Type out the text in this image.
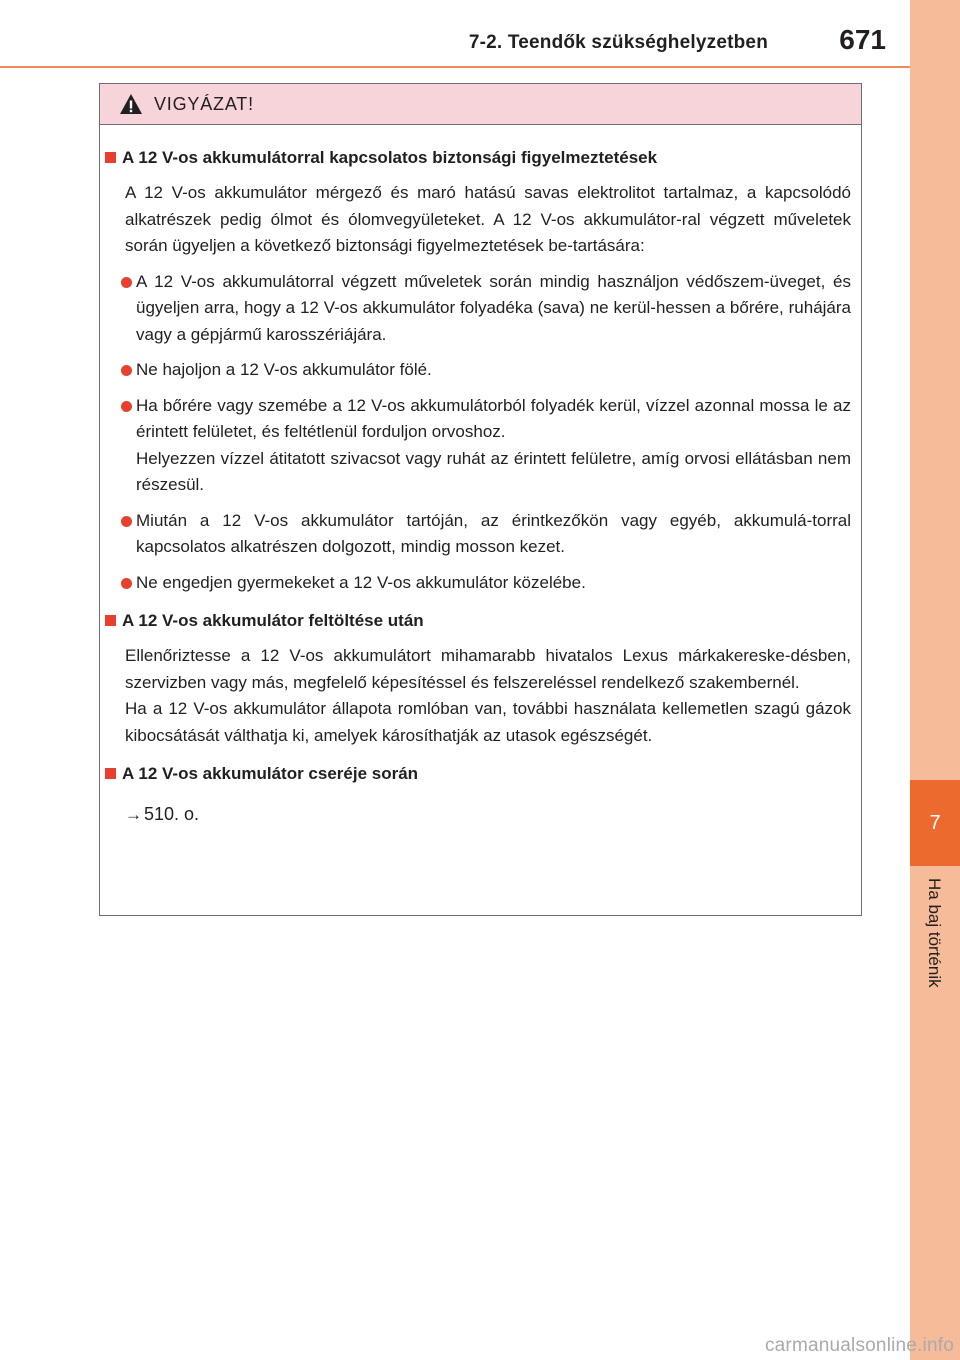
7-2. Teendők szükséghelyzetben	671
7
Ha baj történik
VIGYÁZAT!
A 12 V-os akkumulátorral kapcsolatos biztonsági figyelmeztetések

A 12 V-os akkumulátor mérgező és maró hatású savas elektrolitot tartalmaz, a kapcsolódó alkatrészek pedig ólmot és ólomvegyületeket. A 12 V-os akkumulátor-ral végzett műveletek során ügyeljen a következő biztonsági figyelmeztetések be-tartására:

A 12 V-os akkumulátorral végzett műveletek során mindig használjon védőszem-üveget, és ügyeljen arra, hogy a 12 V-os akkumulátor folyadéka (sava) ne kerül-hessen a bőrére, ruhájára vagy a gépjármű karosszériájára.
Ne hajoljon a 12 V-os akkumulátor fölé.
Ha bőrére vagy szemébe a 12 V-os akkumulátorból folyadék kerül, vízzel azonnal mossa le az érintett felületet, és feltétlenül forduljon orvoshoz.
Helyezzen vízzel átitatott szivacsot vagy ruhát az érintett felületre, amíg orvosi ellátásban nem részesül.
Miután a 12 V-os akkumulátor tartóján, az érintkezőkön vagy egyéb, akkumulá-torral kapcsolatos alkatrészen dolgozott, mindig mosson kezet.
Ne engedjen gyermekeket a 12 V-os akkumulátor közelébe.
A 12 V-os akkumulátor feltöltése után

Ellenőriztesse a 12 V-os akkumulátort mihamarabb hivatalos Lexus márkakereske-désben, szervizben vagy más, megfelelő képesítéssel és felszereléssel rendelkező szakembernél.
Ha a 12 V-os akkumulátor állapota romlóban van, további használata kellemetlen szagú gázok kibocsátását válthatja ki, amelyek károsíthatják az utasok egészségét.

A 12 V-os akkumulátor cseréje során
→ 510. o.
carmanualsonline.info
